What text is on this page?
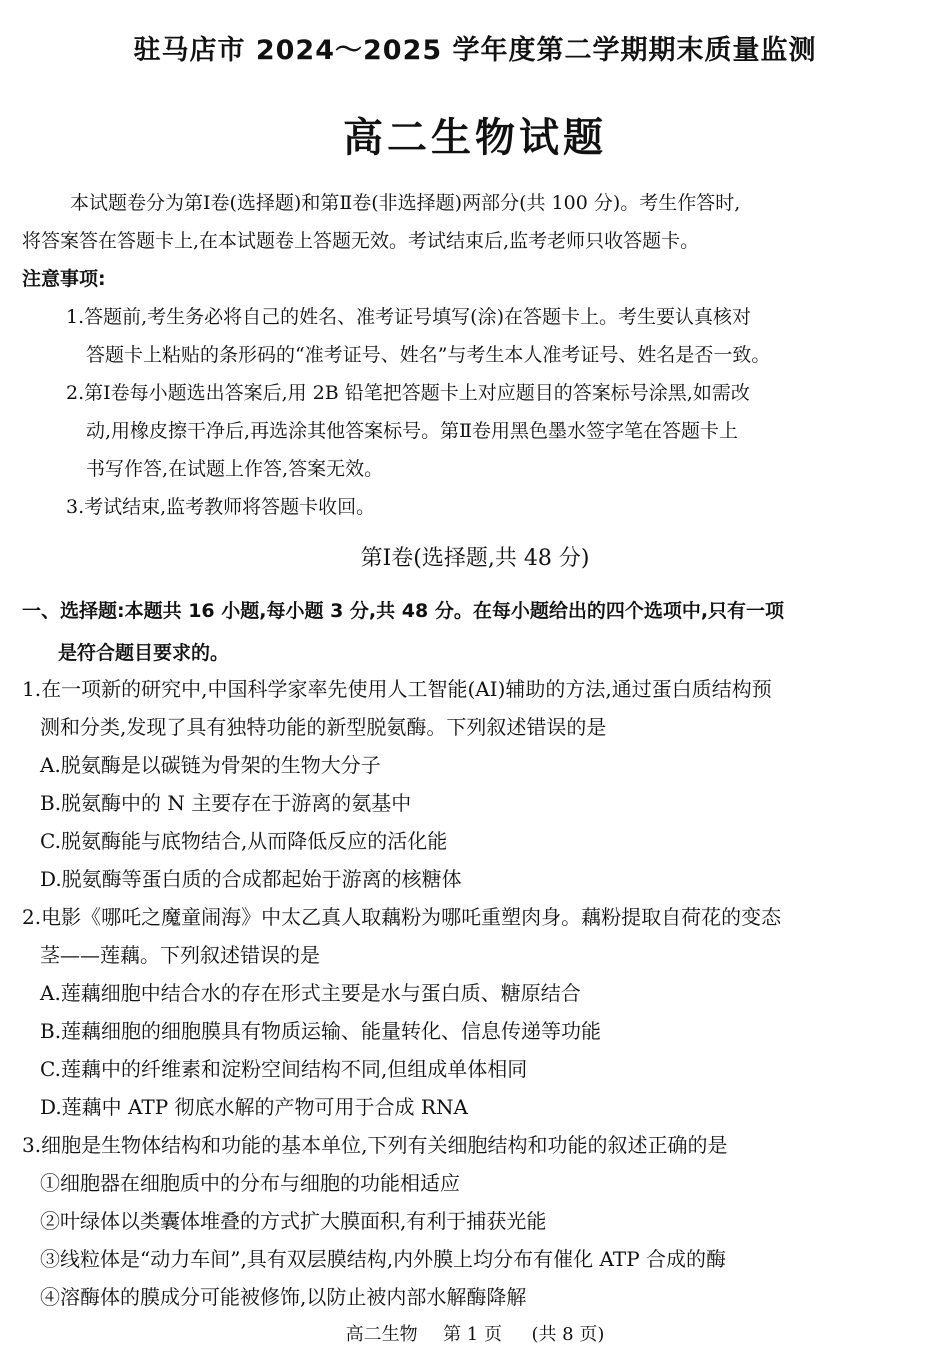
驻马店市 2024～2025 学年度第二学期期末质量监测
高二生物试题
本试题卷分为第Ⅰ卷(选择题)和第Ⅱ卷(非选择题)两部分(共 100 分)。考生作答时,
将答案答在答题卡上,在本试题卷上答题无效。考试结束后,监考老师只收答题卡。
注意事项:
1.答题前,考生务必将自己的姓名、准考证号填写(涂)在答题卡上。考生要认真核对
答题卡上粘贴的条形码的“准考证号、姓名”与考生本人准考证号、姓名是否一致。
2.第Ⅰ卷每小题选出答案后,用 2B 铅笔把答题卡上对应题目的答案标号涂黑,如需改
动,用橡皮擦干净后,再选涂其他答案标号。第Ⅱ卷用黑色墨水签字笔在答题卡上
书写作答,在试题上作答,答案无效。
3.考试结束,监考教师将答题卡收回。
第Ⅰ卷(选择题,共 48 分)
一、选择题:本题共 16 小题,每小题 3 分,共 48 分。在每小题给出的四个选项中,只有一项
是符合题目要求的。
1.在一项新的研究中,中国科学家率先使用人工智能(AI)辅助的方法,通过蛋白质结构预
测和分类,发现了具有独特功能的新型脱氨酶。下列叙述错误的是
A.脱氨酶是以碳链为骨架的生物大分子
B.脱氨酶中的 N 主要存在于游离的氨基中
C.脱氨酶能与底物结合,从而降低反应的活化能
D.脱氨酶等蛋白质的合成都起始于游离的核糖体
2.电影《哪吒之魔童闹海》中太乙真人取藕粉为哪吒重塑肉身。藕粉提取自荷花的变态
茎——莲藕。下列叙述错误的是
A.莲藕细胞中结合水的存在形式主要是水与蛋白质、糖原结合
B.莲藕细胞的细胞膜具有物质运输、能量转化、信息传递等功能
C.莲藕中的纤维素和淀粉空间结构不同,但组成单体相同
D.莲藕中 ATP 彻底水解的产物可用于合成 RNA
3.细胞是生物体结构和功能的基本单位,下列有关细胞结构和功能的叙述正确的是
①细胞器在细胞质中的分布与细胞的功能相适应
②叶绿体以类囊体堆叠的方式扩大膜面积,有利于捕获光能
③线粒体是“动力车间”,具有双层膜结构,内外膜上均分布有催化 ATP 合成的酶
④溶酶体的膜成分可能被修饰,以防止被内部水解酶降解
高二生物 第 1 页 (共 8 页)
